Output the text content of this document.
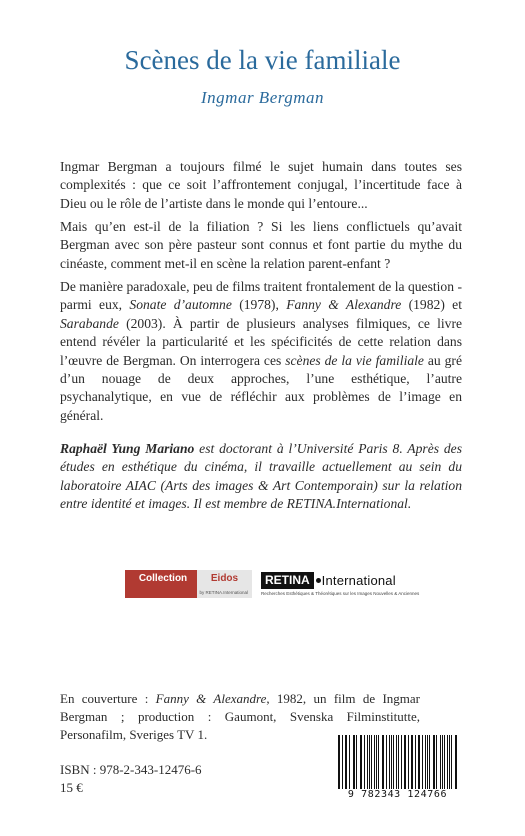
Scènes de la vie familiale
Ingmar Bergman
Ingmar Bergman a toujours filmé le sujet humain dans toutes ses complexités : que ce soit l’affrontement conjugal, l’incertitude face à Dieu ou le rôle de l’artiste dans le monde qui l’entoure...
Mais qu’en est-il de la filiation ? Si les liens conflictuels qu’avait Bergman avec son père pasteur sont connus et font partie du mythe du cinéaste, comment met-il en scène la relation parent-enfant ?
De manière paradoxale, peu de films traitent frontalement de la question - parmi eux, Sonate d’automne (1978), Fanny & Alexandre (1982) et Sarabande (2003). À partir de plusieurs analyses filmiques, ce livre entend révéler la particularité et les spécificités de cette relation dans l’œuvre de Bergman. On interrogera ces scènes de la vie familiale au gré d’un nouage de deux approches, l’une esthétique, l’autre psychanalytique, en vue de réfléchir aux problèmes de l’image en général.
Raphaël Yung Mariano est doctorant à l’Université Paris 8. Après des études en esthétique du cinéma, il travaille actuellement au sein du laboratoire AIAC (Arts des images & Art Contemporain) sur la relation entre identité et images. Il est membre de RETINA.International.
Collection	Eidos
by RETINA.International
RETINA International
Recherches Esthétiques & Théorétiques sur les Images Nouvelles & Anciennes
En couverture : Fanny & Alexandre, 1982, un film de Ingmar Bergman ; production : Gaumont, Svenska Filminstitutte, Personafilm, Sveriges TV 1.
ISBN : 978-2-343-12476-6
15 €	9 782343 124766
